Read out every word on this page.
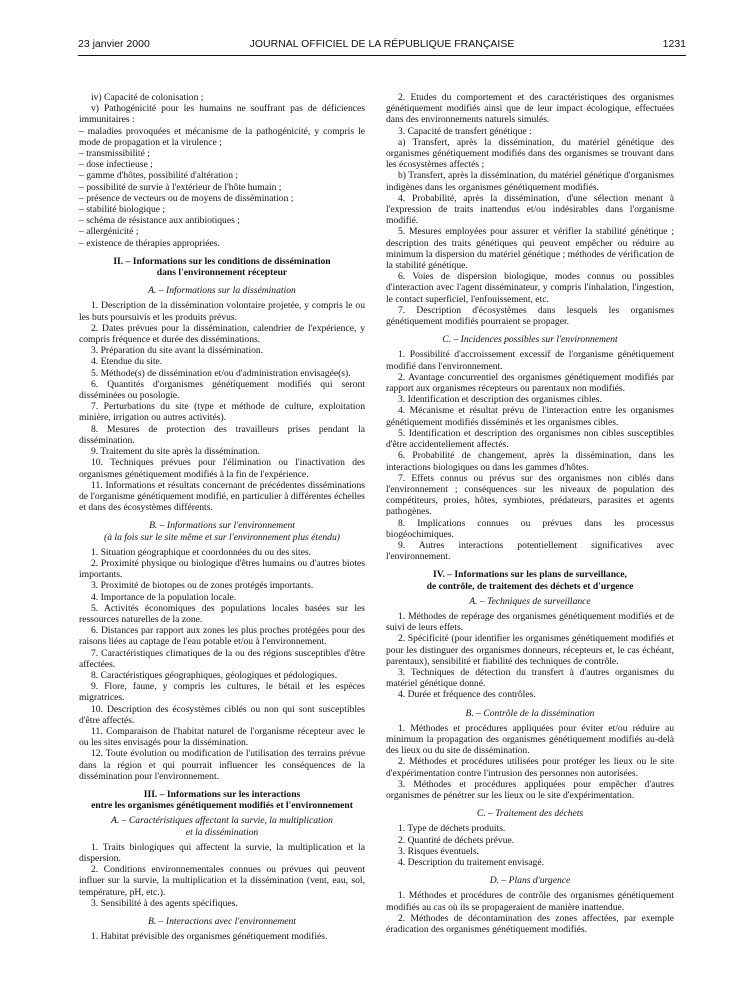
23 janvier 2000	JOURNAL OFFICIEL DE LA RÉPUBLIQUE FRANÇAISE	1231

iv) Capacité de colonisation ;

v) Pathogénicité pour les humains ne souffrant pas de déficiences immunitaires :

– maladies provoquées et mécanisme de la pathogénicité, y compris le mode de propagation et la virulence ;

– transmissibilité ;

– dose infectieuse ;

– gamme d'hôtes, possibilité d'altération ;

– possibilité de survie à l'extérieur de l'hôte humain ;

– présence de vecteurs ou de moyens de dissémination ;

– stabilité biologique ;

– schéma de résistance aux antibiotiques ;

– allergénicité ;

– existence de thérapies appropriées.

II. – Informations sur les conditions de dissémination

dans l'environnement récepteur

A. – Informations sur la dissémination

1. Description de la dissémination volontaire projetée, y compris le ou les buts poursuivis et les produits prévus.

2. Dates prévues pour la dissémination, calendrier de l'expérience, y compris fréquence et durée des disséminations.

3. Préparation du site avant la dissémination.

4. Etendue du site.

5. Méthode(s) de dissémination et/ou d'administration envisagée(s).

6. Quantités d'organismes génétiquement modifiés qui seront disséminées ou posologie.

7. Perturbations du site (type et méthode de culture, exploitation minière, irrigation ou autres activités).

8. Mesures de protection des travailleurs prises pendant la dissémination.

9. Traitement du site après la dissémination.

10. Techniques prévues pour l'élimination ou l'inactivation des organismes génétiquement modifiés à la fin de l'expérience.

11. Informations et résultats concernant de précédentes disséminations de l'organisme génétiquement modifié, en particulier à différentes échelles et dans des écosystèmes différents.

B. – Informations sur l'environnement

(à la fois sur le site même et sur l'environnement plus étendu)

1. Situation géographique et coordonnées du ou des sites.

2. Proximité physique ou biologique d'êtres humains ou d'autres biotes importants.

3. Proximité de biotopes ou de zones protégés importants.

4. Importance de la population locale.

5. Activités économiques des populations locales basées sur les ressources naturelles de la zone.

6. Distances par rapport aux zones les plus proches protégées pour des raisons liées au captage de l'eau potable et/ou à l'environnement.

7. Caractéristiques climatiques de la ou des régions susceptibles d'être affectées.

8. Caractéristiques géographiques, géologiques et pédologiques.

9. Flore, faune, y compris les cultures, le bétail et les espèces migratrices.

10. Description des écosystèmes ciblés ou non qui sont susceptibles d'être affectés.

11. Comparaison de l'habitat naturel de l'organisme récepteur avec le ou les sites envisagés pour la dissémination.

12. Toute évolution ou modification de l'utilisation des terrains prévue dans la région et qui pourrait influencer les conséquences de la dissémination pour l'environnement.

III. – Informations sur les interactions

entre les organismes génétiquement modifiés et l'environnement

A. – Caractéristiques affectant la survie, la multiplication

et la dissémination

1. Traits biologiques qui affectent la survie, la multiplication et la dispersion.

2. Conditions environnementales connues ou prévues qui peuvent influer sur la survie, la multiplication et la dissémination (vent, eau, sol, température, pH, etc.).

3. Sensibilité à des agents spécifiques.

B. – Interactions avec l'environnement

1. Habitat prévisible des organismes génétiquement modifiés.

2. Etudes du comportement et des caractéristiques des organismes génétiquement modifiés ainsi que de leur impact écologique, effectuées dans des environnements naturels simulés.

3. Capacité de transfert génétique :

a) Transfert, après la dissémination, du matériel génétique des organismes génétiquement modifiés dans des organismes se trouvant dans les écosystèmes affectés ;

b) Transfert, après la dissémination, du matériel génétique d'organismes indigènes dans les organismes génétiquement modifiés.

4. Probabilité, après la dissémination, d'une sélection menant à l'expression de traits inattendus et/ou indésirables dans l'organisme modifié.

5. Mesures employées pour assurer et vérifier la stabilité génétique ; description des traits génétiques qui peuvent empêcher ou réduire au minimum la dispersion du matériel génétique ; méthodes de vérification de la stabilité génétique.

6. Voies de dispersion biologique, modes connus ou possibles d'interaction avec l'agent disséminateur, y compris l'inhalation, l'ingestion, le contact superficiel, l'enfouissement, etc.

7. Description d'écosystèmes dans lesquels les organismes génétiquement modifiés pourraient se propager.

C. – Incidences possibles sur l'environnement

1. Possibilité d'accroissement excessif de l'organisme génétiquement modifié dans l'environnement.

2. Avantage concurrentiel des organismes génétiquement modifiés par rapport aux organismes récepteurs ou parentaux non modifiés.

3. Identification et description des organismes cibles.

4. Mécanisme et résultat prévu de l'interaction entre les organismes génétiquement modifiés disséminés et les organismes cibles.

5. Identification et description des organismes non cibles susceptibles d'être accidentellement affectés.

6. Probabilité de changement, après la dissémination, dans les interactions biologiques ou dans les gammes d'hôtes.

7. Effets connus ou prévus sur des organismes non ciblés dans l'environnement ; conséquences sur les niveaux de population des compétiteurs, proies, hôtes, symbiotes, prédateurs, parasites et agents pathogènes.

8. Implications connues ou prévues dans les processus biogéochimiques.

9. Autres interactions potentiellement significatives avec l'environnement.

IV. – Informations sur les plans de surveillance,

de contrôle, de traitement des déchets et d'urgence

A. – Techniques de surveillance

1. Méthodes de repérage des organismes génétiquement modifiés et de suivi de leurs effets.

2. Spécificité (pour identifier les organismes génétiquement modifiés et pour les distinguer des organismes donneurs, récepteurs et, le cas échéant, parentaux), sensibilité et fiabilité des techniques de contrôle.

3. Techniques de détection du transfert à d'autres organismes du matériel génétique donné.

4. Durée et fréquence des contrôles.

B. – Contrôle de la dissémination

1. Méthodes et procédures appliquées pour éviter et/ou réduire au minimum la propagation des organismes génétiquement modifiés au-delà des lieux ou du site de dissémination.

2. Méthodes et procédures utilisées pour protéger les lieux ou le site d'expérimentation contre l'intrusion des personnes non autorisées.

3. Méthodes et procédures appliquées pour empêcher d'autres organismes de pénétrer sur les lieux ou le site d'expérimentation.

C. – Traitement des déchets

1. Type de déchets produits.

2. Quantité de déchets prévue.

3. Risques éventuels.

4. Description du traitement envisagé.

D. – Plans d'urgence

1. Méthodes et procédures de contrôle des organismes génétiquement modifiés au cas où ils se propageraient de manière inattendue.

2. Méthodes de décontamination des zones affectées, par exemple éradication des organismes génétiquement modifiés.
